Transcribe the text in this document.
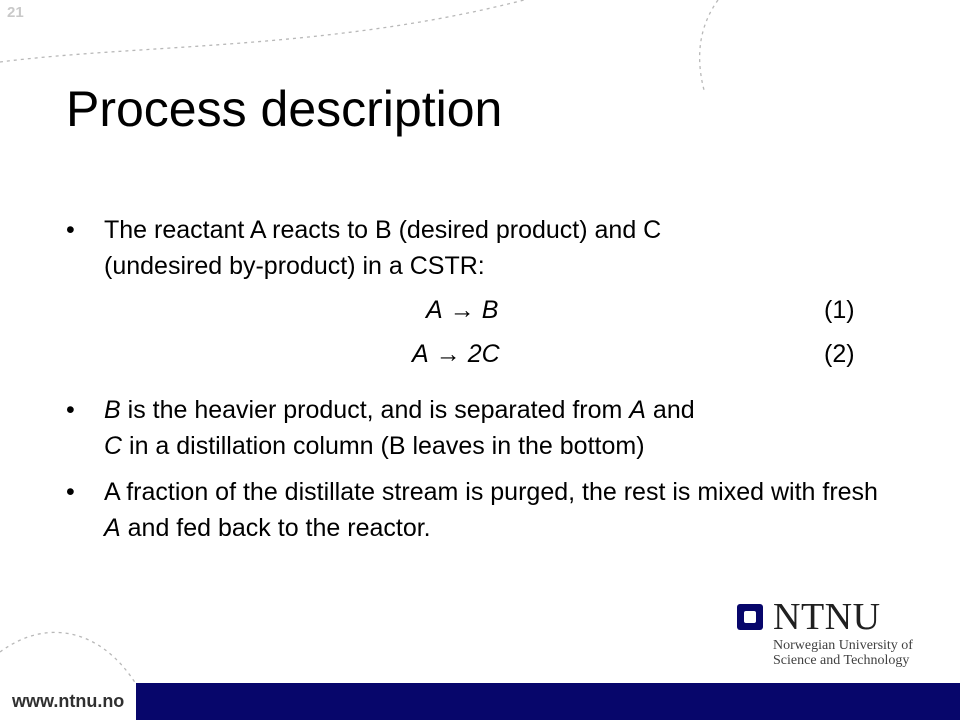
21
Process description
• The reactant A reacts to B (desired product) and C
(undesired by-product) in a CSTR:
A → B	(1)
A → 2C	(2)
• B is the heavier product, and is separated from A and
C in a distillation column (B leaves in the bottom)
• A fraction of the distillate stream is purged, the rest is mixed with fresh A and fed back to the reactor.
NTNU
Norwegian University of
Science and Technology
www.ntnu.no
